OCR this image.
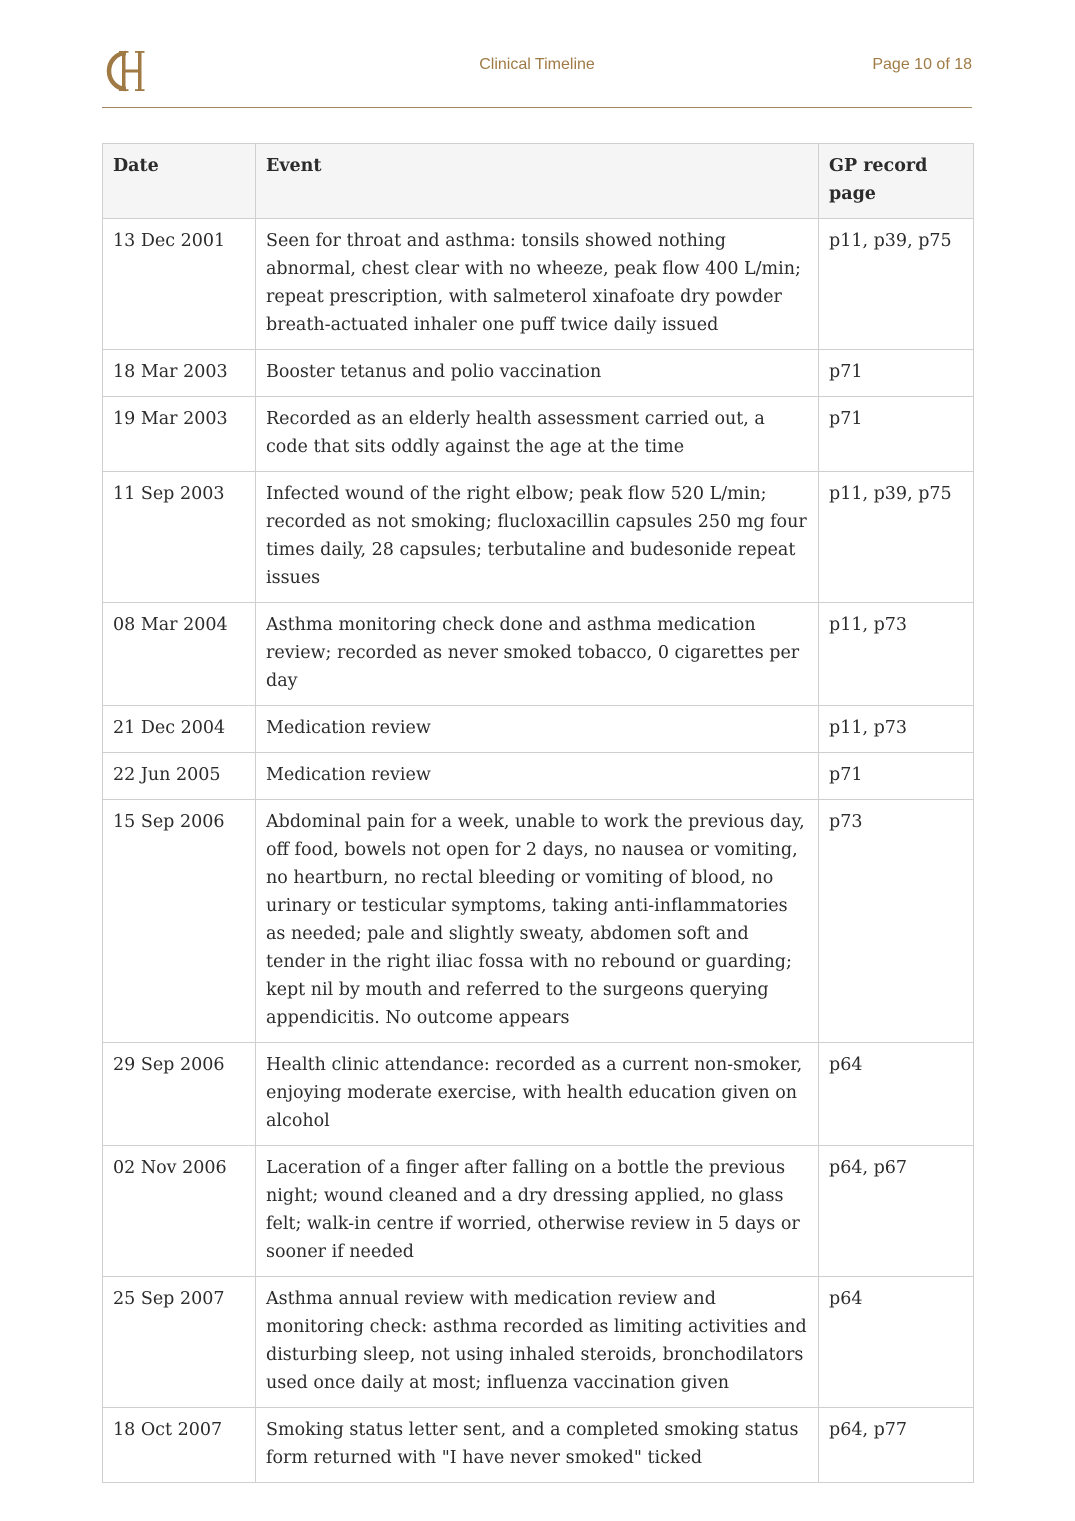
Clinical Timeline	Page 10 of 18
Date	Event	GP record page
13 Dec 2001	Seen for throat and asthma: tonsils showed nothing abnormal, chest clear with no wheeze, peak flow 400 L/min; repeat prescription, with salmeterol xinafoate dry powder breath-actuated inhaler one puff twice daily issued	p11, p39, p75
18 Mar 2003	Booster tetanus and polio vaccination	p71
19 Mar 2003	Recorded as an elderly health assessment carried out, a code that sits oddly against the age at the time	p71
11 Sep 2003	Infected wound of the right elbow; peak flow 520 L/min; recorded as not smoking; flucloxacillin capsules 250 mg four times daily, 28 capsules; terbutaline and budesonide repeat issues	p11, p39, p75
08 Mar 2004	Asthma monitoring check done and asthma medication review; recorded as never smoked tobacco, 0 cigarettes per day	p11, p73
21 Dec 2004	Medication review	p11, p73
22 Jun 2005	Medication review	p71
15 Sep 2006	Abdominal pain for a week, unable to work the previous day, off food, bowels not open for 2 days, no nausea or vomiting, no heartburn, no rectal bleeding or vomiting of blood, no urinary or testicular symptoms, taking anti-inflammatories as needed; pale and slightly sweaty, abdomen soft and tender in the right iliac fossa with no rebound or guarding; kept nil by mouth and referred to the surgeons querying appendicitis. No outcome appears	p73
29 Sep 2006	Health clinic attendance: recorded as a current non-smoker, enjoying moderate exercise, with health education given on alcohol	p64
02 Nov 2006	Laceration of a finger after falling on a bottle the previous night; wound cleaned and a dry dressing applied, no glass felt; walk-in centre if worried, otherwise review in 5 days or sooner if needed	p64, p67
25 Sep 2007	Asthma annual review with medication review and monitoring check: asthma recorded as limiting activities and disturbing sleep, not using inhaled steroids, bronchodilators used once daily at most; influenza vaccination given	p64
18 Oct 2007	Smoking status letter sent, and a completed smoking status form returned with "I have never smoked" ticked	p64, p77
